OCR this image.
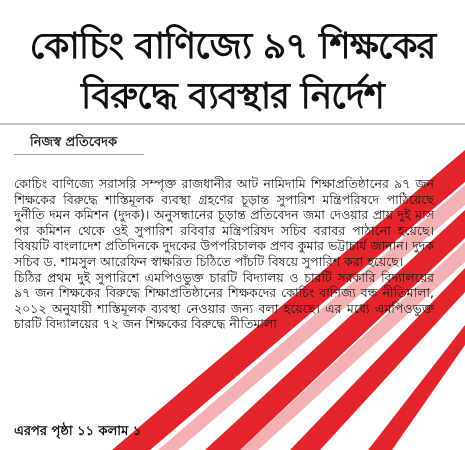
কোচিং বাণিজ্যে ৯৭ শিক্ষকের
বিরুদ্ধে ব্যবস্থার নির্দেশ
নিজস্ব প্রতিবেদক

কোচিং বাণিজ্যে সরাসরি সম্পৃক্ত রাজধানীর আট নামিদামি শিক্ষাপ্রতিষ্ঠানের ৯৭ জন শিক্ষকের বিরুদ্ধে শাস্তিমূলক ব্যবস্থা গ্রহণের চূড়ান্ত সুপারিশ মন্ত্রিপরিষদে পাঠিয়েছে দুর্নীতি দমন কমিশন (দুদক)। অনুসন্ধানের চূড়ান্ত প্রতিবেদন জমা দেওয়ার প্রায় দুই মাস পর কমিশন থেকে ওই সুপারিশ রবিবার মন্ত্রিপরিষদ সচিব বরাবর পাঠানো হয়েছে। বিষয়টি বাংলাদেশ প্রতিদিনকে দুদকের উপপরিচালক প্রণব কুমার ভট্টাচার্য জানান। দুদক সচিব ড. শামসুল আরেফিন স্বাক্ষরিত চিঠিতে পাঁচটি বিষয়ে সুপারিশ করা হয়েছে।

চিঠির প্রথম দুই সুপারিশে এমপিওভুক্ত চারটি বিদ্যালয় ও চারটি সরকারি বিদ্যালয়ের ৯৭ জন শিক্ষকের বিরুদ্ধে শিক্ষাপ্রতিষ্ঠানের শিক্ষকদের কোচিং বাণিজ্য বন্ধ নীতিমালা, ২০১২ অনুযায়ী শাস্তিমূলক ব্যবস্থা নেওয়ার জন্য বলা হয়েছে। এর মধ্যে এমপিওভুক্ত চারটি বিদ্যালয়ের ৭২ জন শিক্ষকের বিরুদ্ধে নীতিমালা

এরপর পৃষ্ঠা ১১ কলাম ১
